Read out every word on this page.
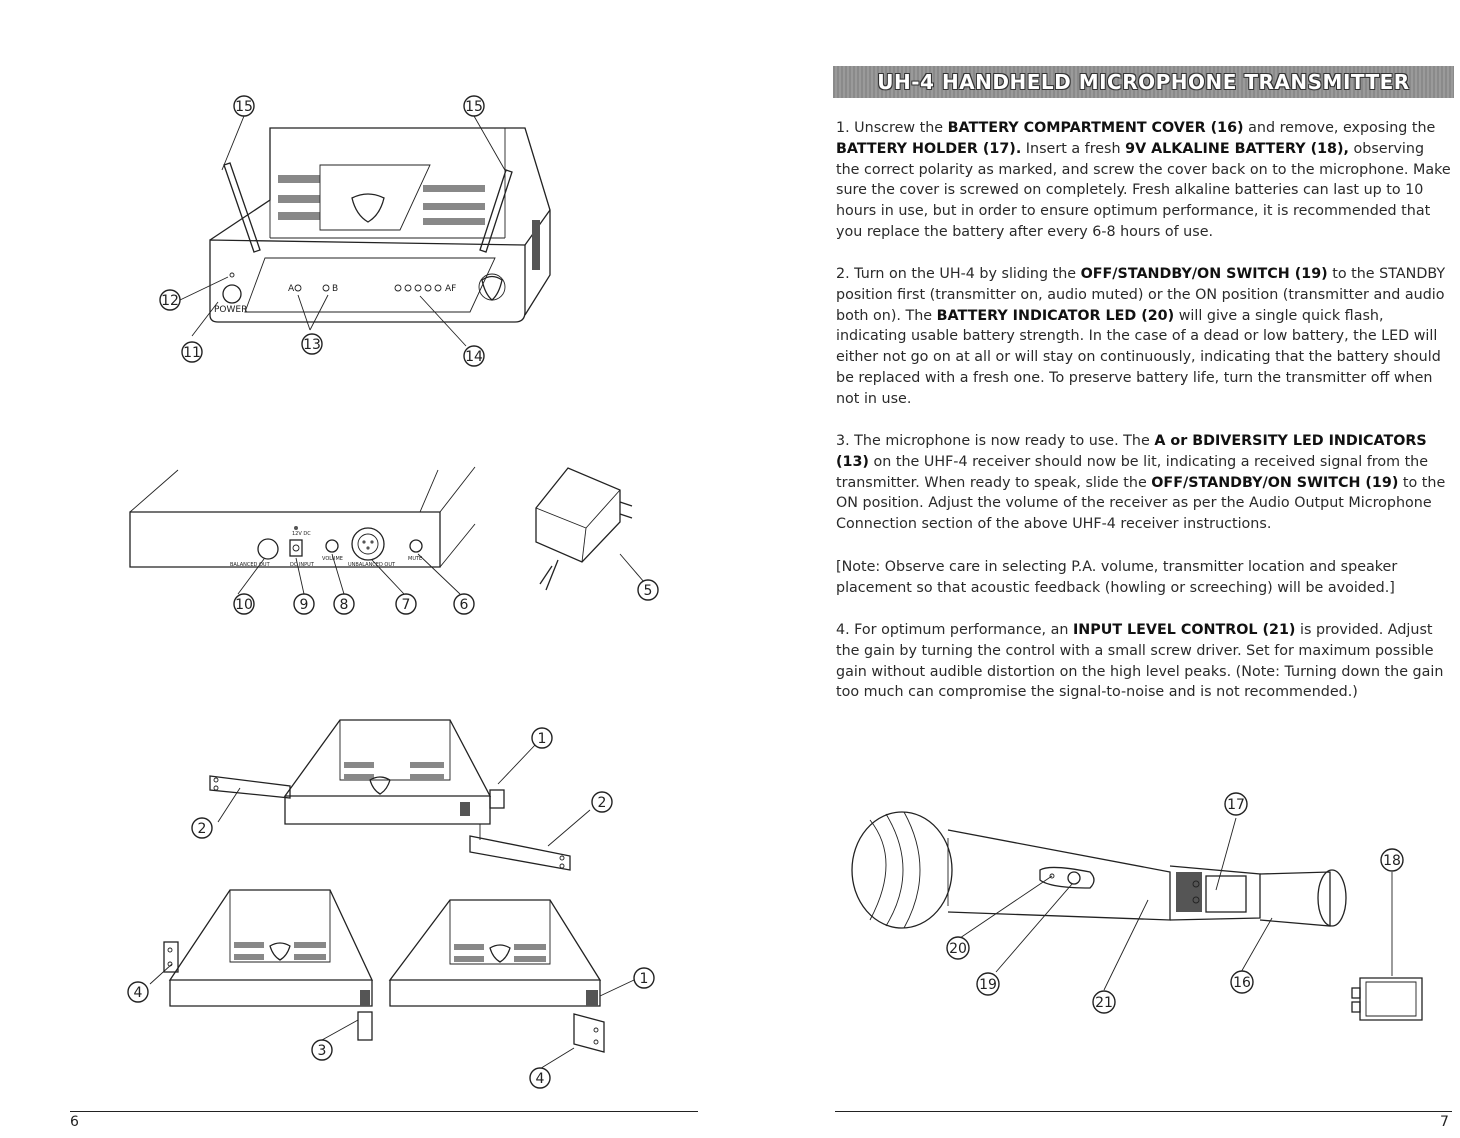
POWER
A	B	AF
15	15
12
11	13
14
BALANCED OUT	DC INPUT
12V DC
VOLUME
UNBALANCED OUT
MUTE
10	9 8	7	6
5
1
2
2
4
3
1
4
6
UH-4 HANDHELD MICROPHONE TRANSMITTER
1. Unscrew the BATTERY COMPARTMENT COVER (16) and remove, exposing the BATTERY HOLDER (17). Insert a fresh 9V ALKALINE BATTERY (18), observing the correct polarity as marked, and screw the cover back on to the microphone. Make sure the cover is screwed on completely. Fresh alkaline batteries can last up to 10 hours in use, but in order to ensure optimum performance, it is recommended that you replace the battery after every 6-8 hours of use.
2. Turn on the UH-4 by sliding the OFF/STANDBY/ON SWITCH (19) to the STANDBY position first (transmitter on, audio muted) or the ON position (transmitter and audio both on). The BATTERY INDICATOR LED (20) will give a single quick flash, indicating usable battery strength. In the case of a dead or low battery, the LED will either not go on at all or will stay on continuously, indicating that the battery should be replaced with a fresh one. To preserve battery life, turn the transmitter off when not in use.
3. The microphone is now ready to use. The A or BDIVERSITY LED INDICATORS (13) on the UHF-4 receiver should now be lit, indicating a received signal from the transmitter. When ready to speak, slide the OFF/STANDBY/ON SWITCH (19) to the ON position. Adjust the volume of the receiver as per the Audio Output Microphone Connection section of the above UHF-4 receiver instructions.
[Note: Observe care in selecting P.A. volume, transmitter location and speaker placement so that acoustic feedback (howling or screeching) will be avoided.]
4. For optimum performance, an INPUT LEVEL CONTROL (21) is provided. Adjust the gain by turning the control with a small screw driver. Set for maximum possible gain without audible distortion on the high level peaks. (Note: Turning down the gain too much can compromise the signal-to-noise and is not recommended.)
17
18
20
19
21
16
7
